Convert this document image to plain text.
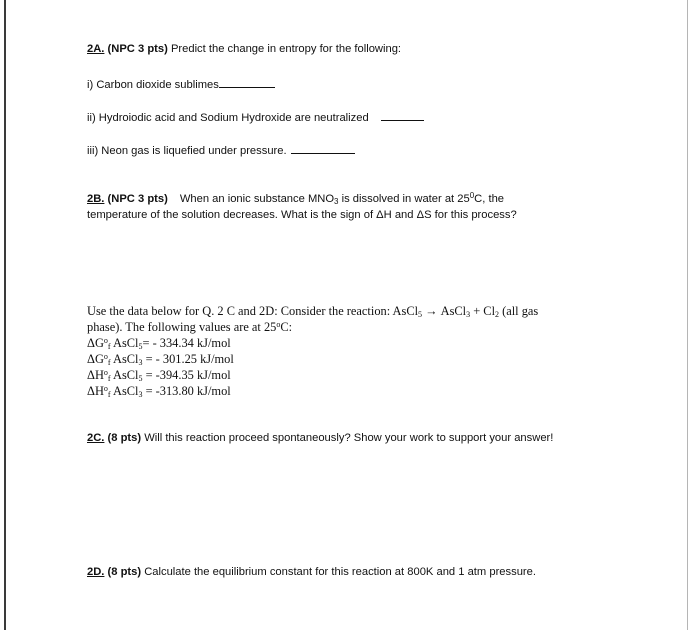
2A. (NPC 3 pts) Predict the change in entropy for the following:
i) Carbon dioxide sublimes
ii) Hydroiodic acid and Sodium Hydroxide are neutralized
iii) Neon gas is liquefied under pressure.
2B. (NPC 3 pts) When an ionic substance $MNO_3$ is dissolved in water at $25^0C$, the
temperature of the solution decreases. What is the sign of ΔH and ΔS for this process?
Use the data below for Q. 2 C and 2D: Consider the reaction: AsCl$_5$ → AsCl$_3$ + $Cl_2$ (all gas
phase). The following values are at 25$^o$C:
$\Delta G^o_f$ AsCl$_5$= - 334.34 kJ/mol
$\Delta G^o_f$ AsCl$_3$ = - 301.25 kJ/mol
$\Delta H^o_f$ AsCl$_5$ = -394.35 kJ/mol
$\Delta H^o_f$ AsCl$_3$ = -313.80 kJ/mol
2C. (8 pts) Will this reaction proceed spontaneously? Show your work to support your answer!
2D. (8 pts) Calculate the equilibrium constant for this reaction at 800K and 1 atm pressure.
